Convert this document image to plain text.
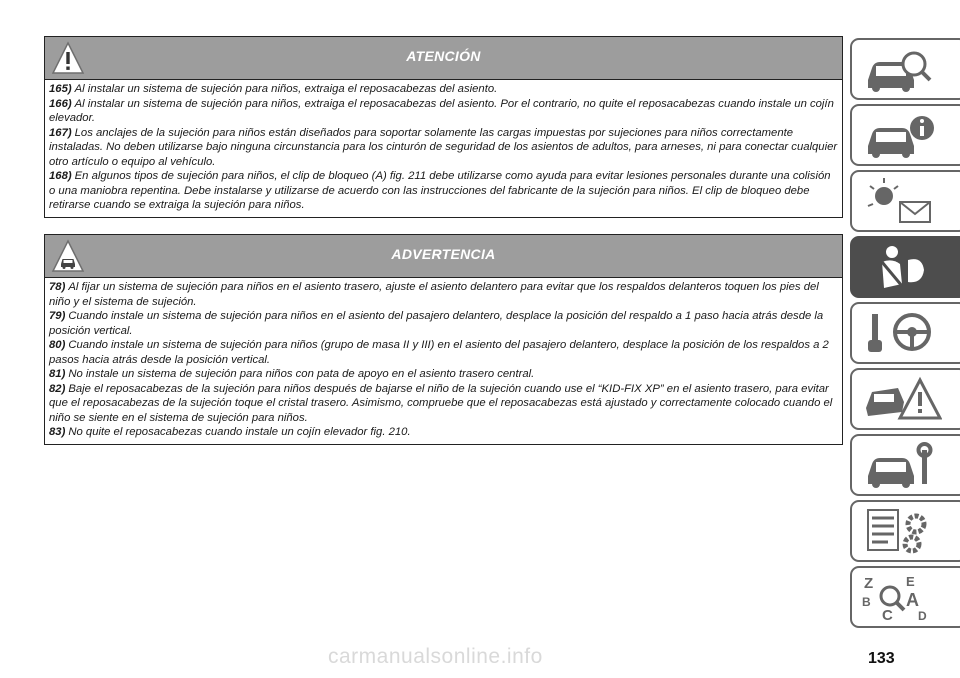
ATENCIÓN

165) Al instalar un sistema de sujeción para niños, extraiga el reposacabezas del asiento.

166) Al instalar un sistema de sujeción para niños, extraiga el reposacabezas del asiento. Por el contrario, no quite el reposacabezas cuando instale un cojín elevador.

167) Los anclajes de la sujeción para niños están diseñados para soportar solamente las cargas impuestas por sujeciones para niños correctamente instaladas. No deben utilizarse bajo ninguna circunstancia para los cinturón de seguridad de los asientos de adultos, para arneses, ni para conectar cualquier otro artículo o equipo al vehículo.

168) En algunos tipos de sujeción para niños, el clip de bloqueo (A) fig. 211 debe utilizarse como ayuda para evitar lesiones personales durante una colisión o una maniobra repentina. Debe instalarse y utilizarse de acuerdo con las instrucciones del fabricante de la sujeción para niños. El clip de bloqueo debe retirarse cuando se extraiga la sujeción para niños.

ADVERTENCIA

78) Al fijar un sistema de sujeción para niños en el asiento trasero, ajuste el asiento delantero para evitar que los respaldos delanteros toquen los pies del niño y el sistema de sujeción.

79) Cuando instale un sistema de sujeción para niños en el asiento del pasajero delantero, desplace la posición del respaldo a 1 paso hacia atrás desde la posición vertical.

80) Cuando instale un sistema de sujeción para niños (grupo de masa II y III) en el asiento del pasajero delantero, desplace la posición de los respaldos a 2 pasos hacia atrás desde la posición vertical.

81) No instale un sistema de sujeción para niños con pata de apoyo en el asiento trasero central.

82) Baje el reposacabezas de la sujeción para niños después de bajarse el niño de la sujeción cuando use el “KID-FIX XP” en el asiento trasero, para evitar que el reposacabezas de la sujeción toque el cristal trasero. Asimismo, compruebe que el reposacabezas está ajustado y correctamente colocado cuando el niño se siente en el sistema de sujeción para niños.

83) No quite el reposacabezas cuando instale un cojín elevador fig. 210.

Z	E
B A
C D
133
carmanualsonline.info
